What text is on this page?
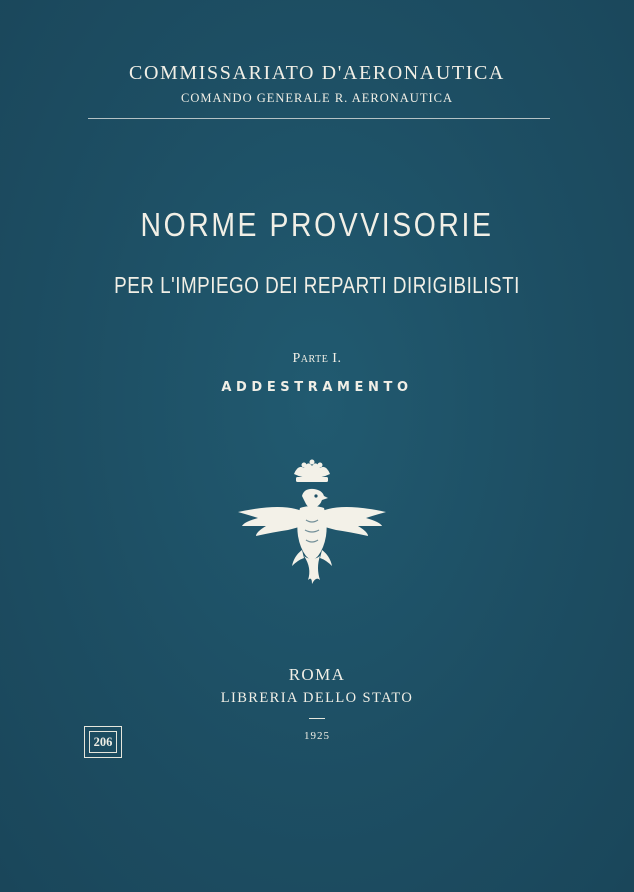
COMMISSARIATO D'AERONAUTICA
COMANDO GENERALE R. AERONAUTICA
NORME PROVVISORIE
PER L'IMPIEGO DEI REPARTI DIRIGIBILISTI
Parte I.
ADDESTRAMENTO
ROMA
LIBRERIA DELLO STATO
1925
206
